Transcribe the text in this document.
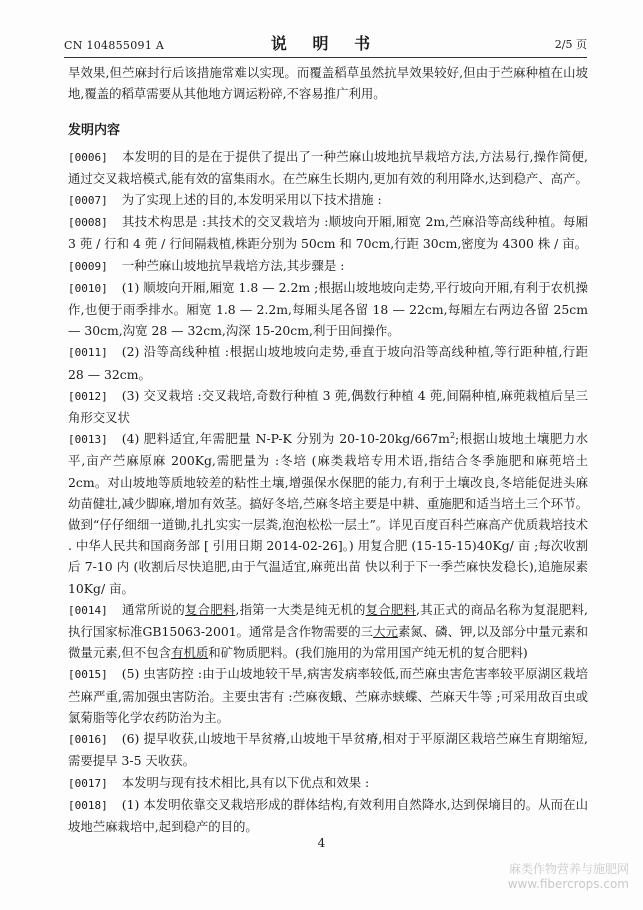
CN 104855091 A	说 明 书	2/5 页

旱效果,但苎麻封行后该措施常难以实现。而覆盖稻草虽然抗旱效果较好,但由于苎麻种植在山坡地,覆盖的稻草需要从其他地方调运粉碎,不容易推广利用。

发明内容

[0006] 本发明的目的是在于提供了提出了一种苎麻山坡地抗旱栽培方法,方法易行,操作简便,通过交叉栽培模式,能有效的富集雨水。在苎麻生长期内,更加有效的利用降水,达到稳产、高产。

[0007] 为了实现上述的目的,本发明采用以下技术措施 :

[0008] 其技术构思是 :其技术的交叉栽培为 :顺坡向开厢,厢宽 2m,苎麻沿等高线种植。每厢 3 蔸 / 行和 4 蔸 / 行间隔栽植,株距分别为 50cm 和 70cm,行距 30cm,密度为 4300 株 / 亩。

[0009] 一种苎麻山坡地抗旱栽培方法,其步骤是 :

[0010] (1) 顺坡向开厢,厢宽 1.8 — 2.2m ;根据山坡地坡向走势,平行坡向开厢,有利于农机操作,也便于雨季排水。厢宽 1.8 — 2.2m,每厢头尾各留 18 — 22cm,每厢左右两边各留 25cm — 30cm,沟宽 28 — 32cm,沟深 15-20cm,利于田间操作。

[0011] (2) 沿等高线种植 :根据山坡地坡向走势,垂直于坡向沿等高线种植,等行距种植,行距 28 — 32cm。

[0012] (3) 交叉栽培 :交叉栽培,奇数行种植 3 蔸,偶数行种植 4 蔸,间隔种植,麻蔸栽植后呈三角形交叉状

[0013] (4) 肥料适宜,年需肥量 N-P-K 分别为 $20-10-20kg/667m^2$;根据山坡地土壤肥力水平,亩产苎麻原麻 200Kg,需肥量为 :冬培 (麻类栽培专用术语,指结合冬季施肥和麻蔸培土 2cm。对山坡地等质地较差的粘性土壤,增强保水保肥的能力,有利于土壤改良,冬培能促进头麻幼苗健壮,减少脚麻,增加有效茎。搞好冬培,苎麻冬培主要是中耕、重施肥和适当培土三个环节。做到“仔仔细细一道锄,扎扎实实一层粪,泡泡松松一层土”。详见百度百科苎麻高产优质栽培技术 . 中华人民共和国商务部 [ 引用日期 2014-02-26]。) 用复合肥 (15-15-15)40Kg/ 亩 ;每次收割后 7-10 内 (收割后尽快追肥,由于气温适宜,麻蔸出苗 快以利于下一季苎麻快发稳长),追施尿素 10Kg/ 亩。

[0014] 通常所说的复合肥料,指第一大类是纯无机的复合肥料,其正式的商品名称为复混肥料,执行国家标准GB15063-2001。通常是含作物需要的三大元素氮、磷、钾,以及部分中量元素和微量元素,但不包含有机质和矿物质肥料。(我们施用的为常用国产纯无机的复合肥料)

[0015] (5) 虫害防控 :由于山坡地较干旱,病害发病率较低,而苎麻虫害危害率较平原湖区栽培苎麻严重,需加强虫害防治。主要虫害有 :苎麻夜蛾、苎麻赤蛱蝶、苎麻天牛等 ;可采用敌百虫或氯菊脂等化学农药防治为主。

[0016] (6) 提早收获,山坡地干旱贫瘠,山坡地干旱贫瘠,相对于平原湖区栽培苎麻生育期缩短,需要提早 3-5 天收获。

[0017] 本发明与现有技术相比,具有以下优点和效果 :

[0018] (1) 本发明依靠交叉栽培形成的群体结构,有效利用自然降水,达到保墒目的。从而在山坡地苎麻栽培中,起到稳产的目的。

4
麻类作物营养与施肥网
www.fibercrops.com
